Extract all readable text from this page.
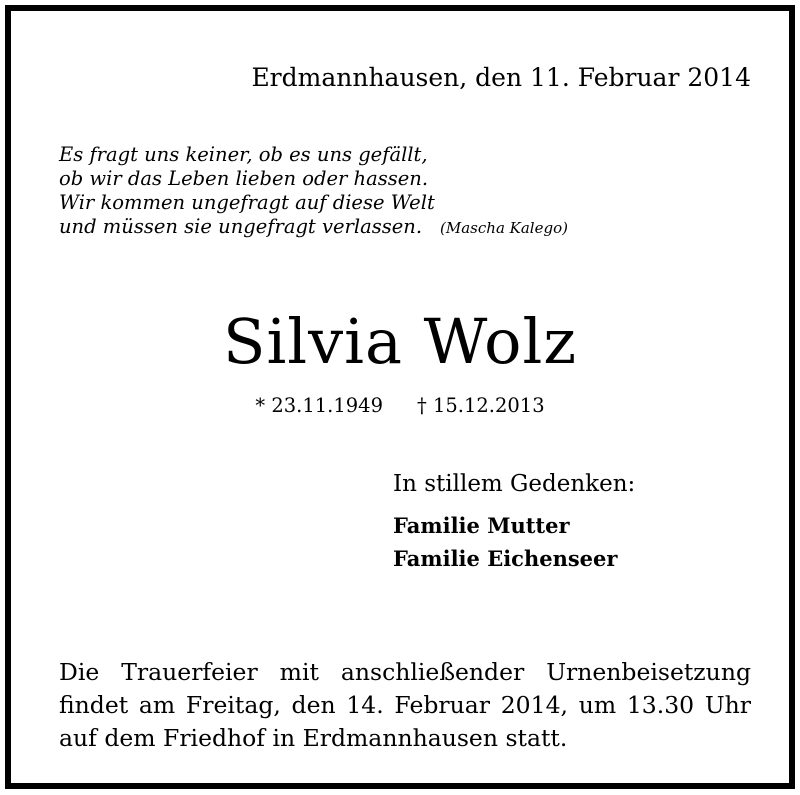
Erdmannhausen, den 11. Februar 2014
Es fragt uns keiner, ob es uns gefällt,
ob wir das Leben lieben oder hassen.
Wir kommen ungefragt auf diese Welt
und müssen sie ungefragt verlassen. (Mascha Kalego)
Silvia Wolz
* 23.11.1949 † 15.12.2013
In stillem Gedenken:
Familie Mutter
Familie Eichenseer
Die Trauerfeier mit anschließender Urnenbeisetzung
findet am Freitag, den 14. Februar 2014, um 13.30 Uhr
auf dem Friedhof in Erdmannhausen statt.
